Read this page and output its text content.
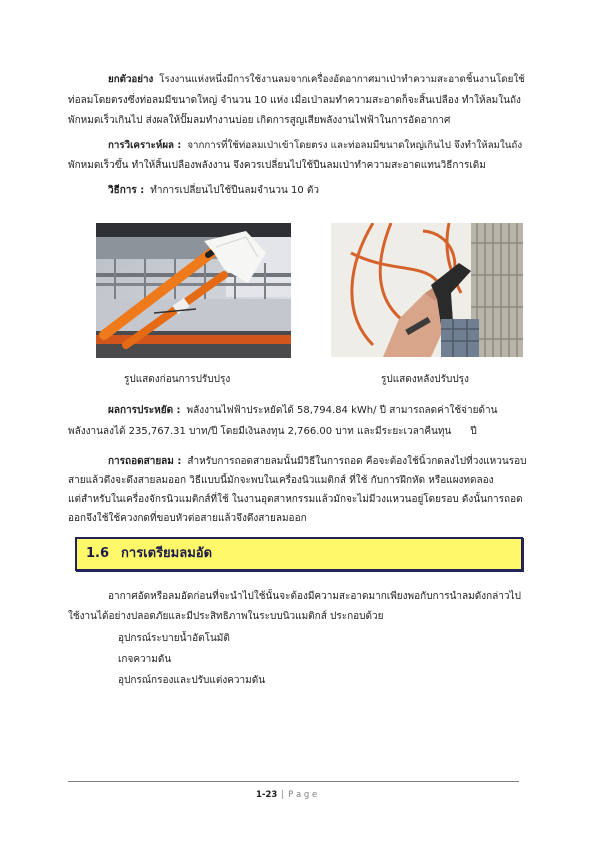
ยกตัวอย่าง โรงงานแห่งหนึ่งมีการใช้งานลมจากเครื่องอัดอากาศมาเป่าทำความสะอาดชิ้นงานโดยใช้
ท่อลมโดยตรงซึ่งท่อลมมีขนาดใหญ่ จำนวน 10 แห่ง เมื่อเป่าลมทำความสะอาดก็จะสิ้นเปลือง ทำให้ลมในถัง
พักหมดเร็วเกินไป ส่งผลให้ปั๊มลมทำงานบ่อย เกิดการสูญเสียพลังงานไฟฟ้าในการอัดอากาศ
การวิเคราะห์ผล : จากการที่ใช้ท่อลมเป่าเข้าโดยตรง และท่อลมมีขนาดใหญ่เกินไป จึงทำให้ลมในถัง
พักหมดเร็วขึ้น ทำให้สิ้นเปลืองพลังงาน จึงควรเปลี่ยนไปใช้ปืนลมเป่าทำความสะอาดแทนวิธีการเดิม
วิธีการ : ทำการเปลี่ยนไปใช้ปืนลมจำนวน 10 ตัว
รูปแสดงก่อนการปรับปรุง	รูปแสดงหลังปรับปรุง
ผลการประหยัด : พลังงานไฟฟ้าประหยัดได้ 58,794.84 kWh/ ปี สามารถลดค่าใช้จ่ายด้าน
พลังงานลงได้ 235,767.31 บาท/ปี โดยมีเงินลงทุน 2,766.00 บาท และมีระยะเวลาคืนทุน      ปี
การถอดสายลม : สำหรับการถอดสายลมนั้นมีวิธีในการถอด คือจะต้องใช้นิ้วกดลงไปที่วงแหวนรอบ
สายแล้วดึงจะดึงสายลมออก วิธีแบบนี้มักจะพบในเครื่องนิวแมติกส์ ที่ใช้ กับการฝึกหัด หรือแผงทดลอง
แต่สำหรับในเครื่องจักรนิวแมติกส์ที่ใช้ ในงานอุตสาหกรรมแล้วมักจะไม่มีวงแหวนอยู่โดยรอบ ดังนั้นการถอด
ออกจึงใช้ใช้ควงกดที่ขอบหัวต่อสายแล้วจึงดึงสายลมออก
1.6 การเตรียมลมอัด
อากาศอัดหรือลมอัดก่อนที่จะนำไปใช้นั้นจะต้องมีความสะอาดมากเพียงพอกับการนำลมดังกล่าวไป
ใช้งานได้อย่างปลอดภัยและมีประสิทธิภาพในระบบนิวแมติกส์ ประกอบด้วย
อุปกรณ์ระบายน้ำอัตโนมัติ
เกจความดัน
อุปกรณ์กรองและปรับแต่งความดัน
1-23 | P a g e
